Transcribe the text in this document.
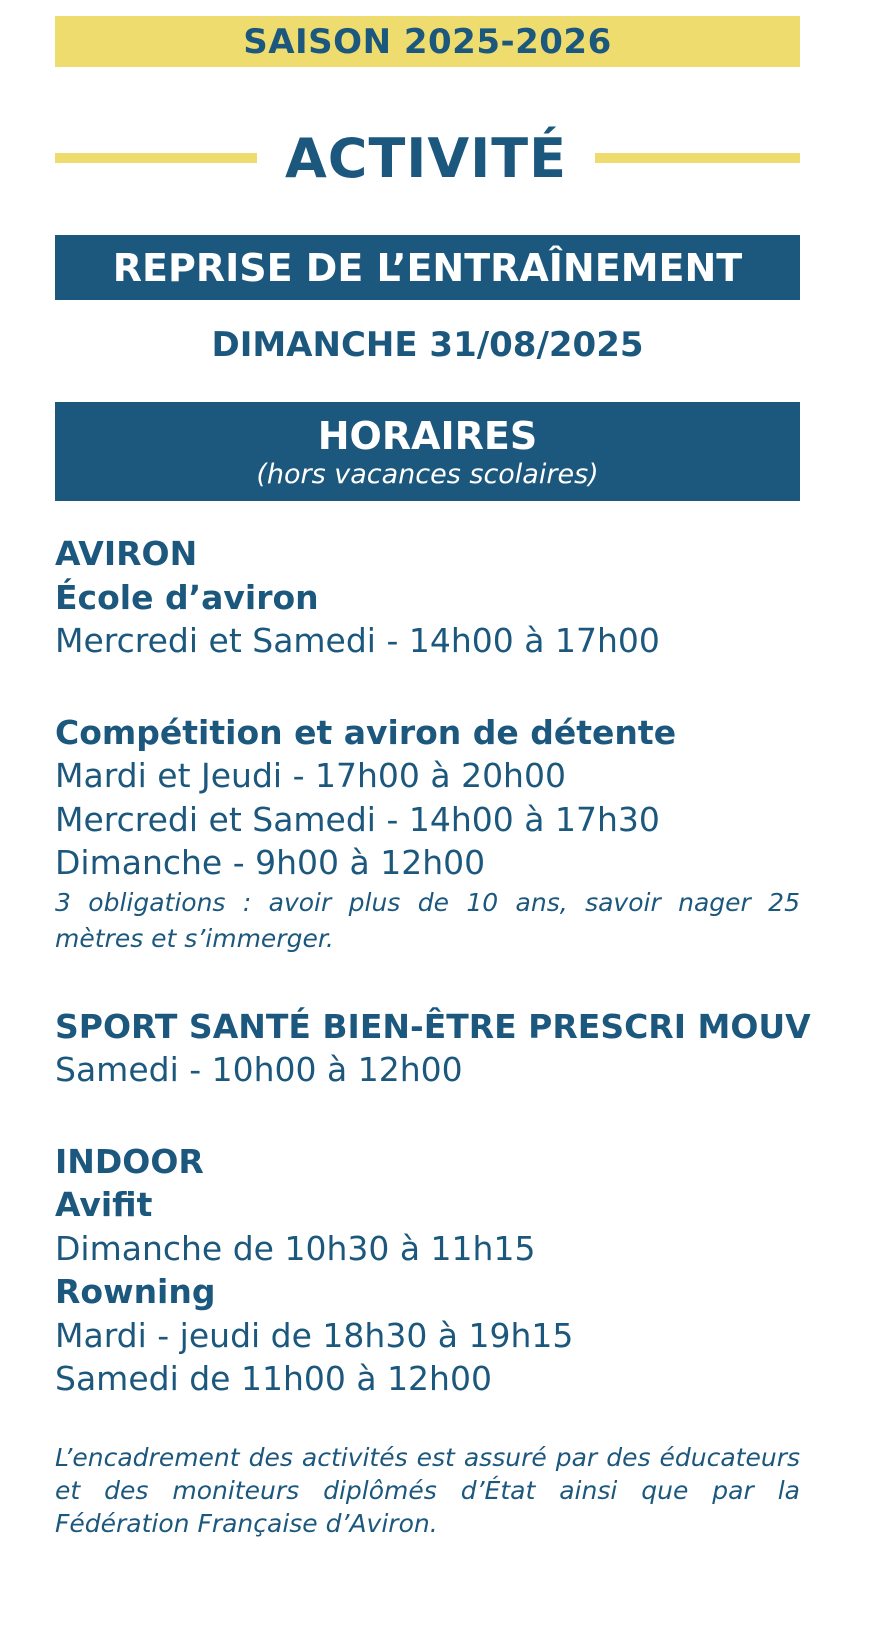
SAISON 2025-2026
ACTIVITÉ
REPRISE DE L’ENTRAÎNEMENT
DIMANCHE 31/08/2025
HORAIRES
(hors vacances scolaires)
AVIRON
École d’aviron
Mercredi et Samedi - 14h00 à 17h00
Compétition et aviron de détente
Mardi et Jeudi - 17h00 à 20h00
Mercredi et Samedi - 14h00 à 17h30
Dimanche - 9h00 à 12h00
3 obligations : avoir plus de 10 ans, savoir nager 25 mètres et s’immerger.
SPORT SANTÉ BIEN-ÊTRE PRESCRI MOUV
Samedi - 10h00 à 12h00
INDOOR
Avifit
Dimanche de 10h30 à 11h15
Rowning
Mardi - jeudi de 18h30 à 19h15
Samedi de 11h00 à 12h00
L’encadrement des activités est assuré par des éducateurs et des moniteurs diplômés d’État ainsi que par la Fédération Française d’Aviron.
